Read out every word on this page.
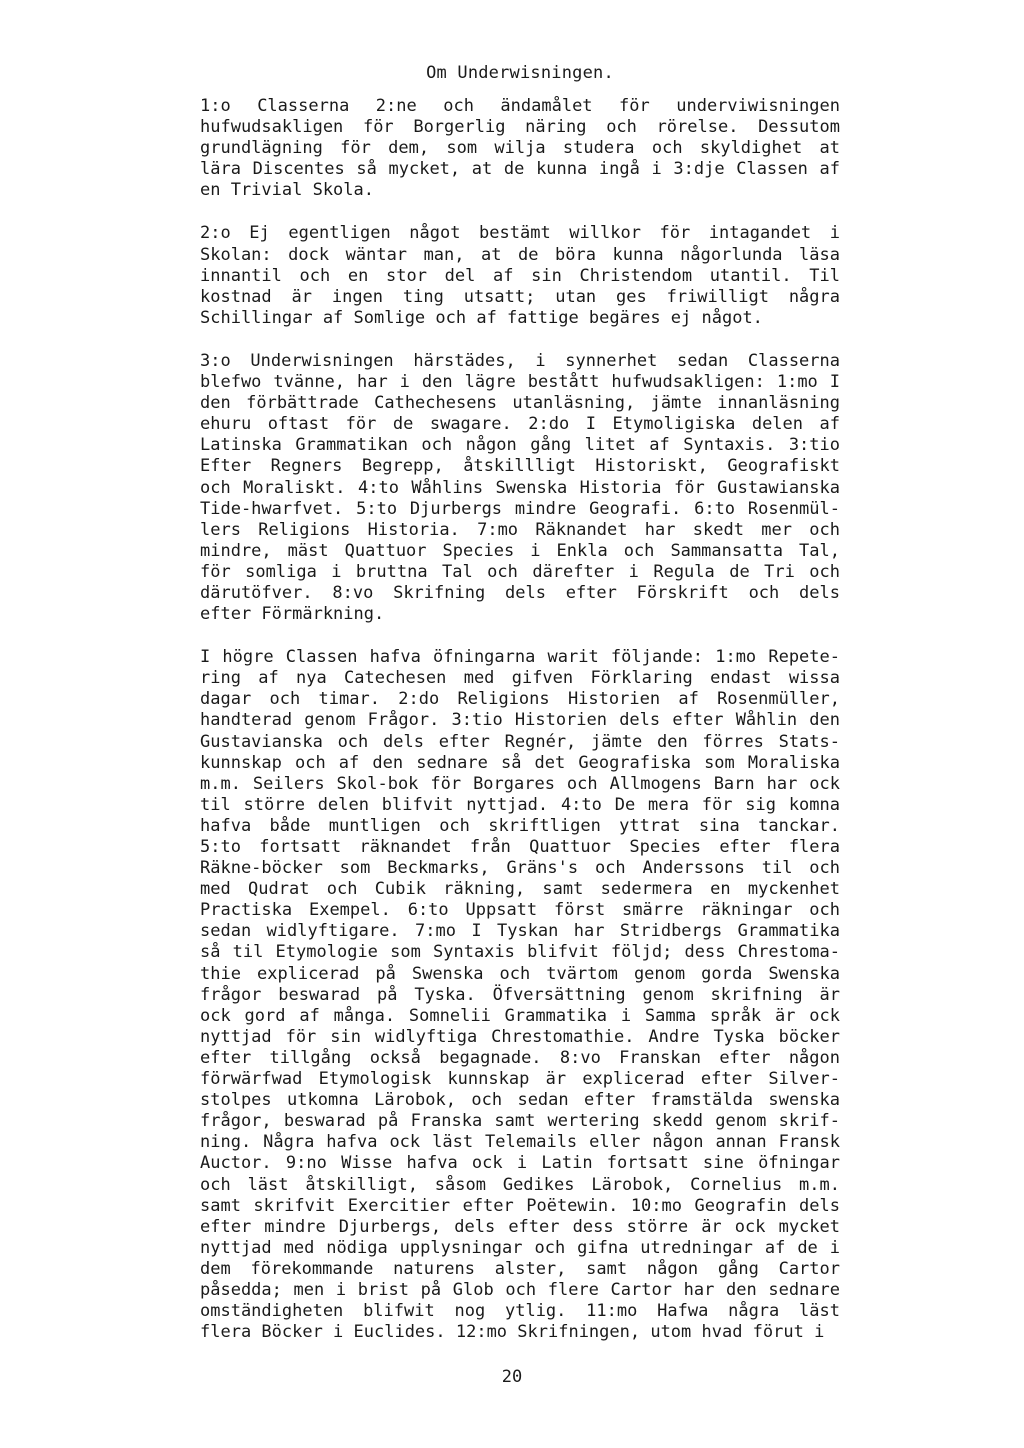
Om Underwisningen.
1:o Classerna 2:ne och ändamålet för underviwisningen
hufwudsakligen för Borgerlig näring och rörelse. Dessutom
grundlägning för dem, som wilja studera och skyldighet at
lära Discentes så mycket, at de kunna ingå i 3:dje Classen af
en Trivial Skola.
2:o Ej egentligen något bestämt willkor för intagandet i
Skolan: dock wäntar man, at de böra kunna någorlunda läsa
innantil och en stor del af sin Christendom utantil. Til
kostnad är ingen ting utsatt; utan ges friwilligt några
Schillingar af Somlige och af fattige begäres ej något.
3:o Underwisningen härstädes, i synnerhet sedan Classerna
blefwo tvänne, har i den lägre bestått hufwudsakligen: 1:mo I
den förbättrade Cathechesens utanläsning, jämte innanläsning
ehuru oftast för de swagare. 2:do I Etymoligiska delen af
Latinska Grammatikan och någon gång litet af Syntaxis. 3:tio
Efter Regners Begrepp, åtskillligt Historiskt, Geografiskt
och Moraliskt. 4:to Wåhlins Swenska Historia för Gustawianska
Tide-hwarfvet. 5:to Djurbergs mindre Geografi. 6:to Rosenmül-
lers Religions Historia. 7:mo Räknandet har skedt mer och
mindre, mäst Quattuor Species i Enkla och Sammansatta Tal,
för somliga i bruttna Tal och därefter i Regula de Tri och
därutöfver. 8:vo Skrifning dels efter Förskrift och dels
efter Förmärkning.
I högre Classen hafva öfningarna warit följande: 1:mo Repete-
ring af nya Catechesen med gifven Förklaring endast wissa
dagar och timar. 2:do Religions Historien af Rosenmüller,
handterad genom Frågor. 3:tio Historien dels efter Wåhlin den
Gustavianska och dels efter Regnér, jämte den förres Stats-
kunnskap och af den sednare så det Geografiska som Moraliska
m.m. Seilers Skol-bok för Borgares och Allmogens Barn har ock
til större delen blifvit nyttjad. 4:to De mera för sig komna
hafva både muntligen och skriftligen yttrat sina tanckar.
5:to fortsatt räknandet från Quattuor Species efter flera
Räkne-böcker som Beckmarks, Gräns's och Anderssons til och
med Qudrat och Cubik räkning, samt sedermera en myckenhet
Practiska Exempel. 6:to Uppsatt först smärre räkningar och
sedan widlyftigare. 7:mo I Tyskan har Stridbergs Grammatika
så til Etymologie som Syntaxis blifvit följd; dess Chrestoma-
thie explicerad på Swenska och tvärtom genom gorda Swenska
frågor beswarad på Tyska. Öfversättning genom skrifning är
ock gord af många. Somnelii Grammatika i Samma språk är ock
nyttjad för sin widlyftiga Chrestomathie. Andre Tyska böcker
efter tillgång också begagnade. 8:vo Franskan efter någon
förwärfwad Etymologisk kunnskap är explicerad efter Silver-
stolpes utkomna Lärobok, och sedan efter framstälda swenska
frågor, beswarad på Franska samt wertering skedd genom skrif-
ning. Några hafva ock läst Telemails eller någon annan Fransk
Auctor. 9:no Wisse hafva ock i Latin fortsatt sine öfningar
och läst åtskilligt, såsom Gedikes Lärobok, Cornelius m.m.
samt skrifvit Exercitier efter Poëtewin. 10:mo Geografin dels
efter mindre Djurbergs, dels efter dess större är ock mycket
nyttjad med nödiga upplysningar och gifna utredningar af de i
dem förekommande naturens alster, samt någon gång Cartor
påsedda; men i brist på Glob och flere Cartor har den sednare
omständigheten blifwit nog ytlig. 11:mo Hafwa några läst
flera Böcker i Euclides. 12:mo Skrifningen, utom hvad förut i
20
